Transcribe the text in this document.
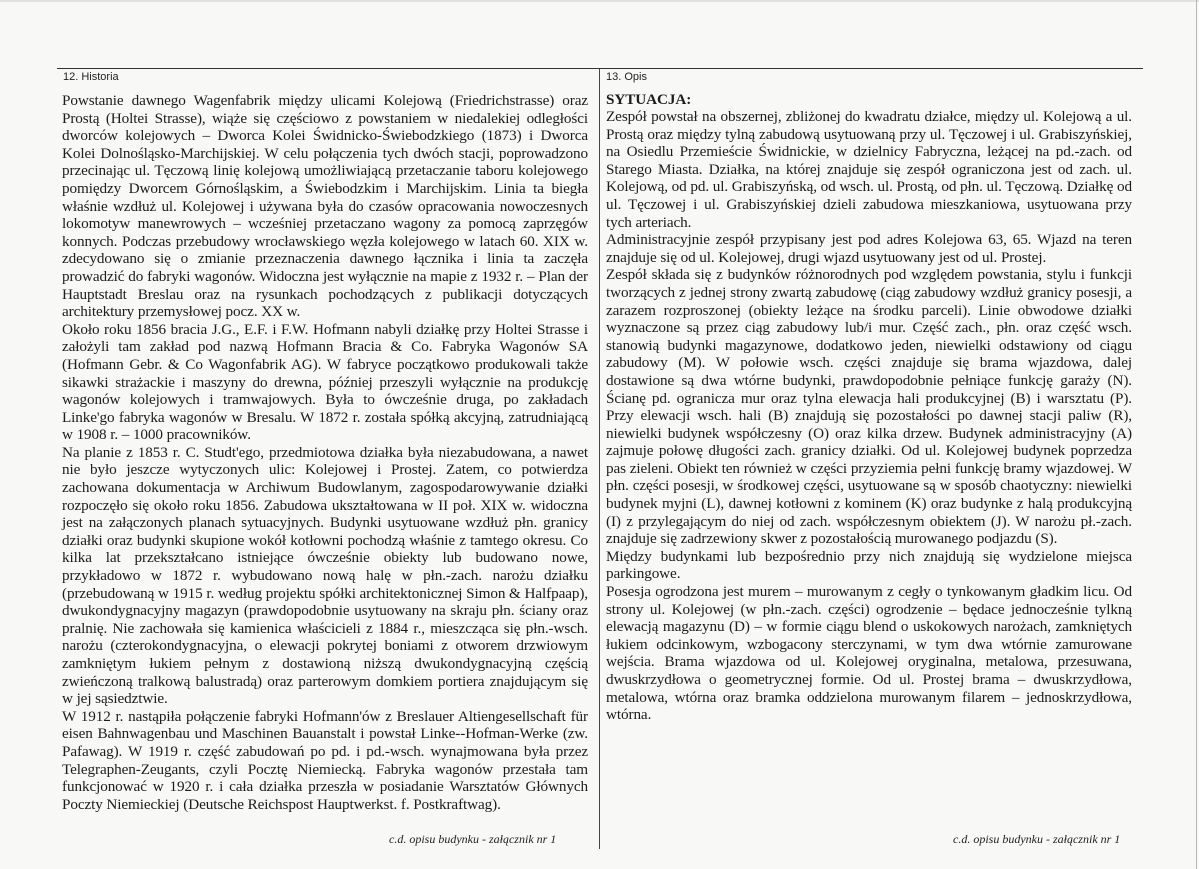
12. Historia	13. Opis

Powstanie dawnego Wagenfabrik między ulicami Kolejową (Friedrichstrasse) oraz Prostą (Holtei Strasse), wiąże się częściowo z powstaniem w niedalekiej odległości dworców kolejowych – Dworca Kolei Świdnicko-Świebodzkiego (1873) i Dworca Kolei Dolnośląsko-Marchijskiej. W celu połączenia tych dwóch stacji, poprowadzono przecinając ul. Tęczową linię kolejową umożliwiającą przetaczanie taboru kolejowego pomiędzy Dworcem Górnośląskim, a Świebodzkim i Marchijskim. Linia ta biegła właśnie wzdłuż ul. Kolejowej i używana była do czasów opracowania nowoczesnych lokomotyw manewrowych – wcześniej przetaczano wagony za pomocą zaprzęgów konnych. Podczas przebudowy wrocławskiego węzła kolejowego w latach 60. XIX w. zdecydowano się o zmianie przeznaczenia dawnego łącznika i linia ta zaczęła prowadzić do fabryki wagonów. Widoczna jest wyłącznie na mapie z 1932 r. – Plan der Hauptstadt Breslau oraz na rysunkach pochodzących z publikacji dotyczących architektury przemysłowej pocz. XX w.

Około roku 1856 bracia J.G., E.F. i F.W. Hofmann nabyli działkę przy Holtei Strasse i założyli tam zakład pod nazwą Hofmann Bracia & Co. Fabryka Wagonów SA (Hofmann Gebr. & Co Wagonfabrik AG). W fabryce początkowo produkowali także sikawki strażackie i maszyny do drewna, później przeszyli wyłącznie na produkcję wagonów kolejowych i tramwajowych. Była to ówcześnie druga, po zakładach Linke'go fabryka wagonów w Bresalu. W 1872 r. została spółką akcyjną, zatrudniającą w 1908 r. – 1000 pracowników.

Na planie z 1853 r. C. Studt'ego, przedmiotowa działka była niezabudowana, a nawet nie było jeszcze wytyczonych ulic: Kolejowej i Prostej. Zatem, co potwierdza zachowana dokumentacja w Archiwum Budowlanym, zagospodarowywanie działki rozpoczęło się około roku 1856. Zabudowa ukształtowana w II poł. XIX w. widoczna jest na załączonych planach sytuacyjnych. Budynki usytuowane wzdłuż płn. granicy działki oraz budynki skupione wokół kotłowni pochodzą właśnie z tamtego okresu. Co kilka lat przekształcano istniejące ówcześnie obiekty lub budowano nowe, przykładowo w 1872 r. wybudowano nową halę w płn.-zach. narożu działku (przebudowaną w 1915 r. według projektu spółki architektonicznej Simon & Halfpaap), dwukondygnacyjny magazyn (prawdopodobnie usytuowany na skraju płn. ściany oraz pralnię. Nie zachowała się kamienica właścicieli z 1884 r., mieszcząca się płn.-wsch. narożu (czterokondygnacyjna, o elewacji pokrytej boniami z otworem drzwiowym zamkniętym łukiem pełnym z dostawioną niższą dwukondygnacyjną częścią zwieńczoną tralkową balustradą) oraz parterowym domkiem portiera znajdującym się w jej sąsiedztwie.

W 1912 r. nastąpiła połączenie fabryki Hofmann'ów z Breslauer Altiengesellschaft für eisen Bahnwagenbau und Maschinen Bauanstalt i powstał Linke--Hofman-Werke (zw. Pafawag). W 1919 r. część zabudowań po pd. i pd.-wsch. wynajmowana była przez Telegraphen-Zeugants, czyli Pocztę Niemiecką. Fabryka wagonów przestała tam funkcjonować w 1920 r. i cała działka przeszła w posiadanie Warsztatów Głównych Poczty Niemieckiej (Deutsche Reichspost Hauptwerkst. f. Postkraftwag).

SYTUACJA:

Zespół powstał na obszernej, zbliżonej do kwadratu działce, między ul. Kolejową a ul. Prostą oraz między tylną zabudową usytuowaną przy ul. Tęczowej i ul. Grabiszyńskiej, na Osiedlu Przemieście Świdnickie, w dzielnicy Fabryczna, leżącej na pd.-zach. od Starego Miasta. Działka, na której znajduje się zespół ograniczona jest od zach. ul. Kolejową, od pd. ul. Grabiszyńską, od wsch. ul. Prostą, od płn. ul. Tęczową. Działkę od ul. Tęczowej i ul. Grabiszyńskiej dzieli zabudowa mieszkaniowa, usytuowana przy tych arteriach.

Administracyjnie zespół przypisany jest pod adres Kolejowa 63, 65. Wjazd na teren znajduje się od ul. Kolejowej, drugi wjazd usytuowany jest od ul. Prostej.

Zespół składa się z budynków różnorodnych pod względem powstania, stylu i funkcji tworzących z jednej strony zwartą zabudowę (ciąg zabudowy wzdłuż granicy posesji, a zarazem rozproszonej (obiekty leżące na środku parceli). Linie obwodowe działki wyznaczone są przez ciąg zabudowy lub/i mur. Część zach., płn. oraz część wsch. stanowią budynki magazynowe, dodatkowo jeden, niewielki odstawiony od ciągu zabudowy (M). W połowie wsch. części znajduje się brama wjazdowa, dalej dostawione są dwa wtórne budynki, prawdopodobnie pełniące funkcję garaży (N). Ścianę pd. ogranicza mur oraz tylna elewacja hali produkcyjnej (B) i warsztatu (P). Przy elewacji wsch. hali (B) znajdują się pozostałości po dawnej stacji paliw (R), niewielki budynek współczesny (O) oraz kilka drzew. Budynek administracyjny (A) zajmuje połowę długości zach. granicy działki. Od ul. Kolejowej budynek poprzedza pas zieleni. Obiekt ten również w części przyziemia pełni funkcję bramy wjazdowej. W płn. części posesji, w środkowej części, usytuowane są w sposób chaotyczny: niewielki budynek myjni (L), dawnej kotłowni z kominem (K) oraz budynke z halą produkcyjną (I) z przylegającym do niej od zach. współczesnym obiektem (J). W narożu pł.-zach. znajduje się zadrzewiony skwer z pozostałością murowanego podjazdu (S).

Między budynkami lub bezpośrednio przy nich znajdują się wydzielone miejsca parkingowe.

Posesja ogrodzona jest murem – murowanym z cegły o tynkowanym gładkim licu. Od strony ul. Kolejowej (w płn.-zach. części) ogrodzenie – będace jednocześnie tylkną elewacją magazynu (D) – w formie ciągu blend o uskokowych narożach, zamkniętych łukiem odcinkowym, wzbogacony sterczynami, w tym dwa wtórnie zamurowane wejścia. Brama wjazdowa od ul. Kolejowej oryginalna, metalowa, przesuwana, dwuskrzydłowa o geometrycznej formie. Od ul. Prostej brama – dwuskrzydłowa, metalowa, wtórna oraz bramka oddzielona murowanym filarem – jednoskrzydłowa, wtórna.

c.d. opisu budynku - załącznik nr 1	c.d. opisu budynku - załącznik nr 1
